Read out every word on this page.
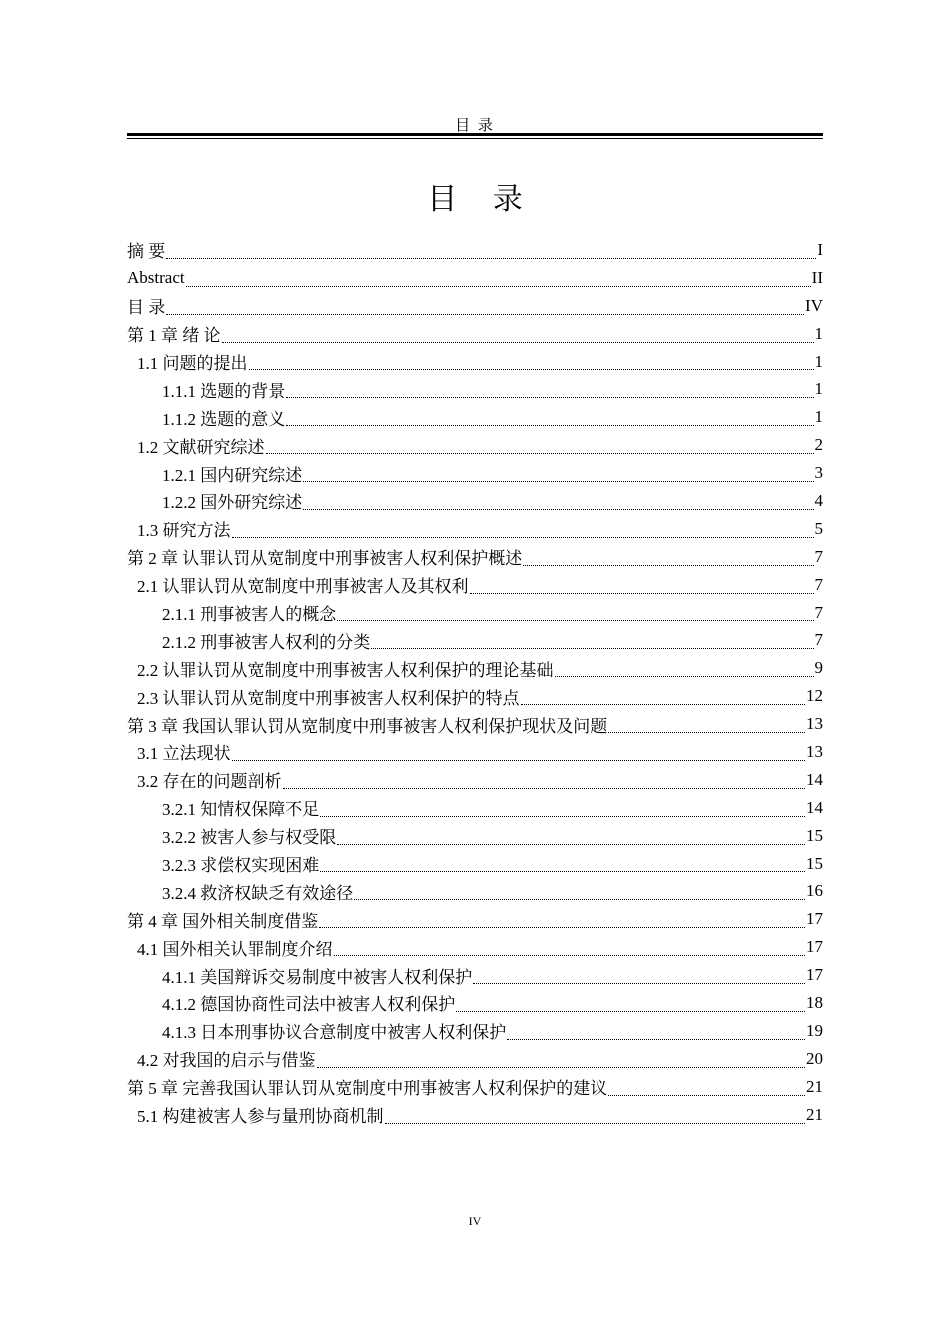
目 录
目 录
摘 要	I
Abstract	II
目 录	IV
第 1 章 绪 论	1
1.1 问题的提出	1
1.1.1 选题的背景	1
1.1.2 选题的意义	1
1.2 文献研究综述	2
1.2.1 国内研究综述	3
1.2.2 国外研究综述	4
1.3 研究方法	5
第 2 章 认罪认罚从宽制度中刑事被害人权利保护概述	7
2.1 认罪认罚从宽制度中刑事被害人及其权利	7
2.1.1 刑事被害人的概念	7
2.1.2 刑事被害人权利的分类	7
2.2 认罪认罚从宽制度中刑事被害人权利保护的理论基础	9
2.3 认罪认罚从宽制度中刑事被害人权利保护的特点	12
第 3 章 我国认罪认罚从宽制度中刑事被害人权利保护现状及问题	13
3.1 立法现状	13
3.2 存在的问题剖析	14
3.2.1 知情权保障不足	14
3.2.2 被害人参与权受限	15
3.2.3 求偿权实现困难	15
3.2.4 救济权缺乏有效途径	16
第 4 章 国外相关制度借鉴	17
4.1 国外相关认罪制度介绍	17
4.1.1 美国辩诉交易制度中被害人权利保护	17
4.1.2 德国协商性司法中被害人权利保护	18
4.1.3 日本刑事协议合意制度中被害人权利保护	19
4.2 对我国的启示与借鉴	20
第 5 章 完善我国认罪认罚从宽制度中刑事被害人权利保护的建议	21
5.1 构建被害人参与量刑协商机制	21
IV
